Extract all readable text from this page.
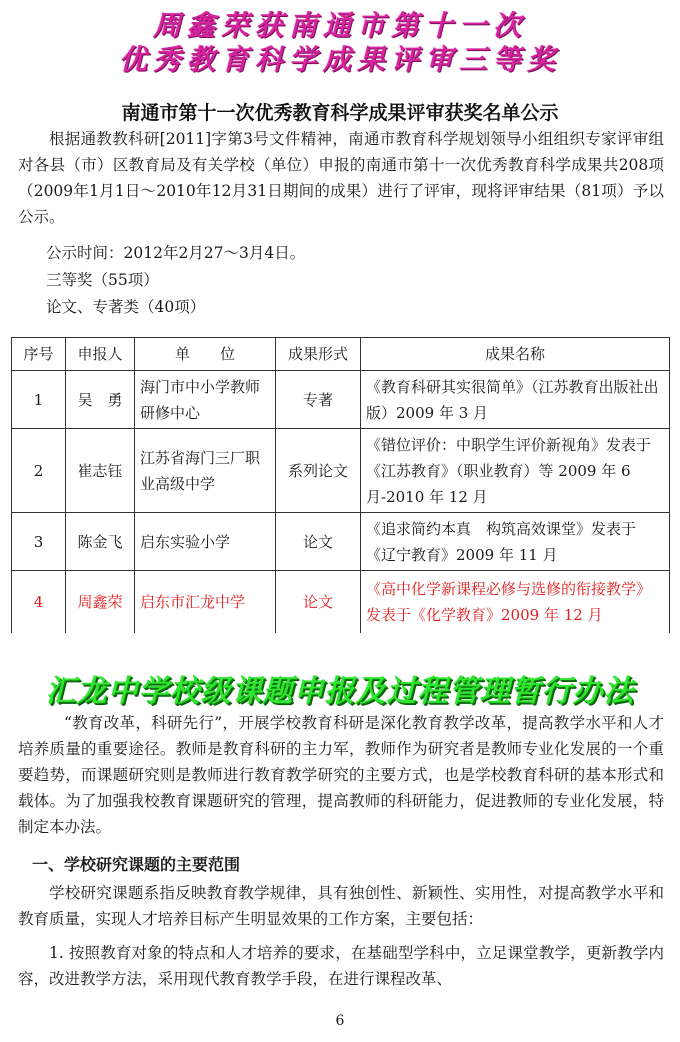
周鑫荣获南通市第十一次
优秀教育科学成果评审三等奖
南通市第十一次优秀教育科学成果评审获奖名单公示
根据通教教科研[2011]字第3号文件精神，南通市教育科学规划领导小组组织专家评审组对各县（市）区教育局及有关学校（单位）申报的南通市第十一次优秀教育科学成果共208项（2009年1月1日～2010年12月31日期间的成果）进行了评审，现将评审结果（81项）予以公示。
公示时间：2012年2月27～3月4日。
三等奖（55项）
论文、专著类（40项）
序号	申报人	单　　位	成果形式	成果名称
1	吴　勇	海门市中小学教师研修中心	专著	《教育科研其实很简单》（江苏教育出版社出版）2009 年 3 月
2	崔志钰	江苏省海门三厂职业高级中学	系列论文	《错位评价：中职学生评价新视角》发表于《江苏教育》（职业教育）等 2009 年 6 月-2010 年 12 月
3	陈金飞	启东实验小学	论文	《追求简约本真　构筑高效课堂》发表于《辽宁教育》2009 年 11 月
4	周鑫荣	启东市汇龙中学	论文	《高中化学新课程必修与选修的衔接教学》发表于《化学教育》2009 年 12 月
汇龙中学校级课题申报及过程管理暂行办法
“教育改革，科研先行”，开展学校教育科研是深化教育教学改革，提高教学水平和人才培养质量的重要途径。教师是教育科研的主力军，教师作为研究者是教师专业化发展的一个重要趋势，而课题研究则是教师进行教育教学研究的主要方式，也是学校教育科研的基本形式和载体。为了加强我校教育课题研究的管理，提高教师的科研能力，促进教师的专业化发展，特制定本办法。
一、学校研究课题的主要范围
学校研究课题系指反映教育教学规律，具有独创性、新颖性、实用性，对提高教学水平和教育质量，实现人才培养目标产生明显效果的工作方案，主要包括：
1. 按照教育对象的特点和人才培养的要求，在基础型学科中，立足课堂教学，更新教学内容，改进教学方法，采用现代教育教学手段，在进行课程改革、
6
